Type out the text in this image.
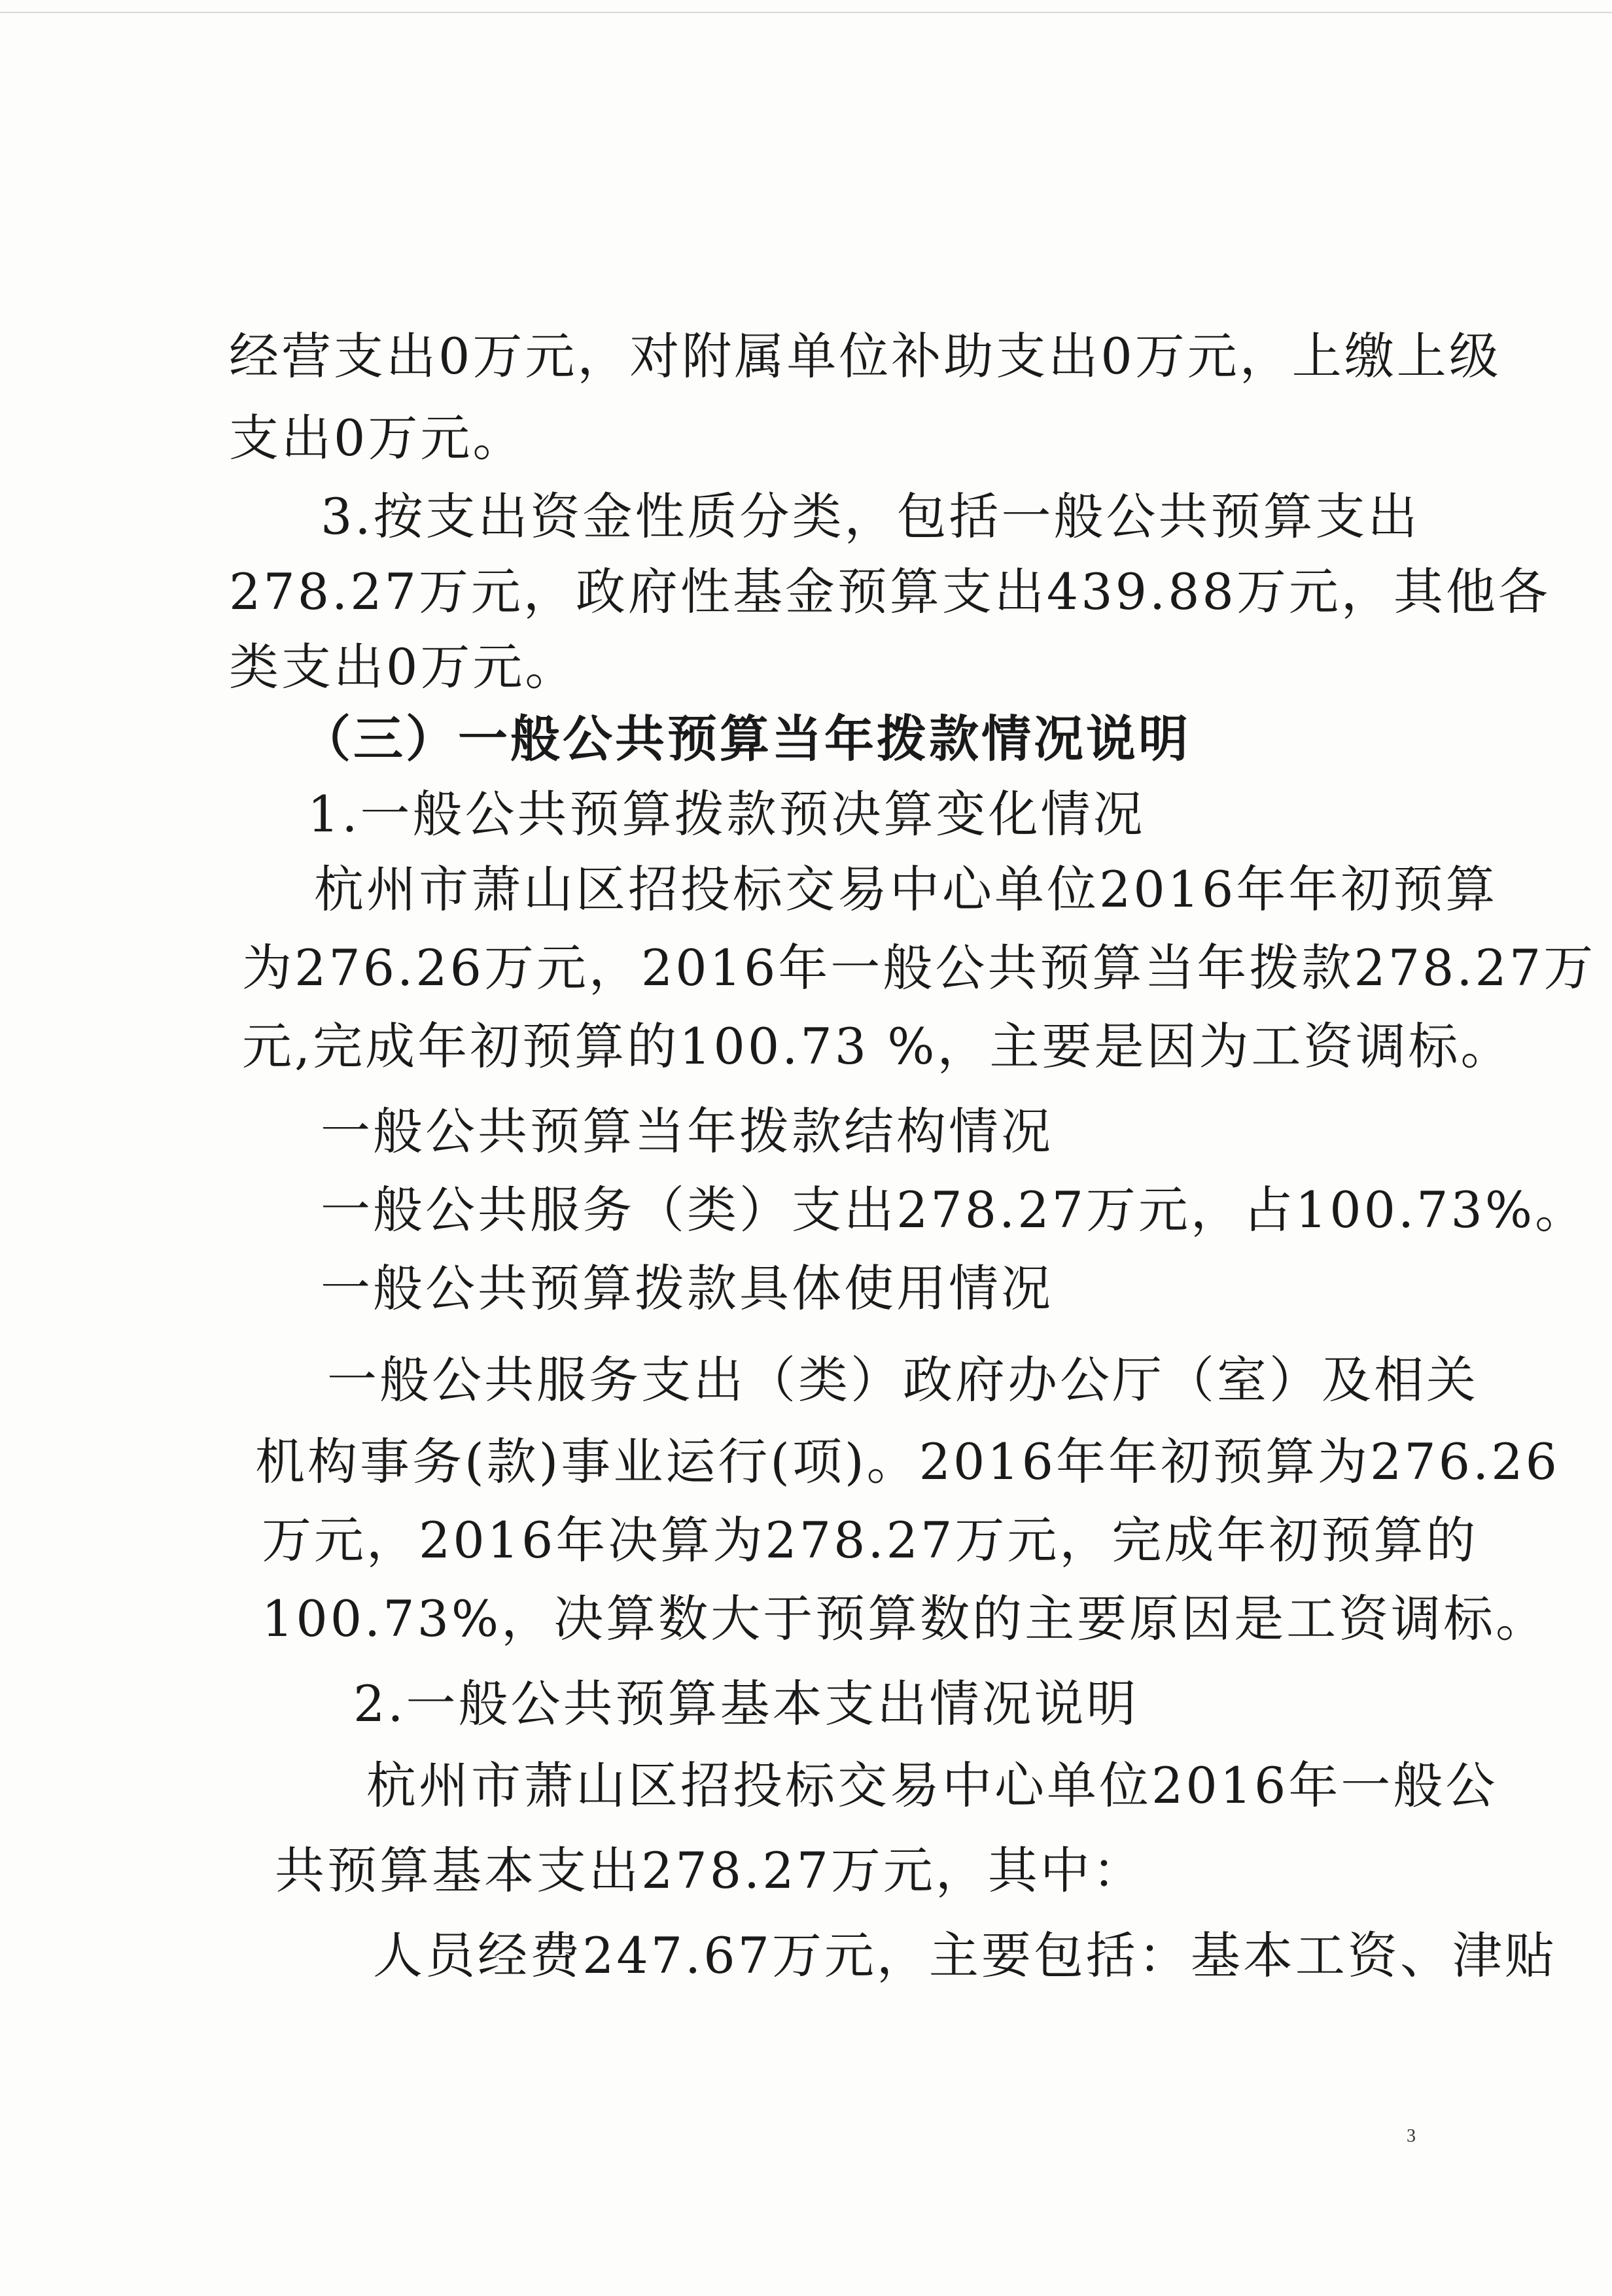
经营支出0万元，对附属单位补助支出0万元，上缴上级
支出0万元。
3.按支出资金性质分类，包括一般公共预算支出
278.27万元，政府性基金预算支出439.88万元，其他各
类支出0万元。
（三）一般公共预算当年拨款情况说明
1.一般公共预算拨款预决算变化情况
杭州市萧山区招投标交易中心单位2016年年初预算
为276.26万元，2016年一般公共预算当年拨款278.27万
元,完成年初预算的100.73 %，主要是因为工资调标。
一般公共预算当年拨款结构情况
一般公共服务（类）支出278.27万元，占100.73%。
一般公共预算拨款具体使用情况
一般公共服务支出（类）政府办公厅（室）及相关
机构事务(款)事业运行(项)。2016年年初预算为276.26
万元，2016年决算为278.27万元，完成年初预算的
100.73%，决算数大于预算数的主要原因是工资调标。
2.一般公共预算基本支出情况说明
杭州市萧山区招投标交易中心单位2016年一般公
共预算基本支出278.27万元，其中：
人员经费247.67万元，主要包括：基本工资、津贴
3
